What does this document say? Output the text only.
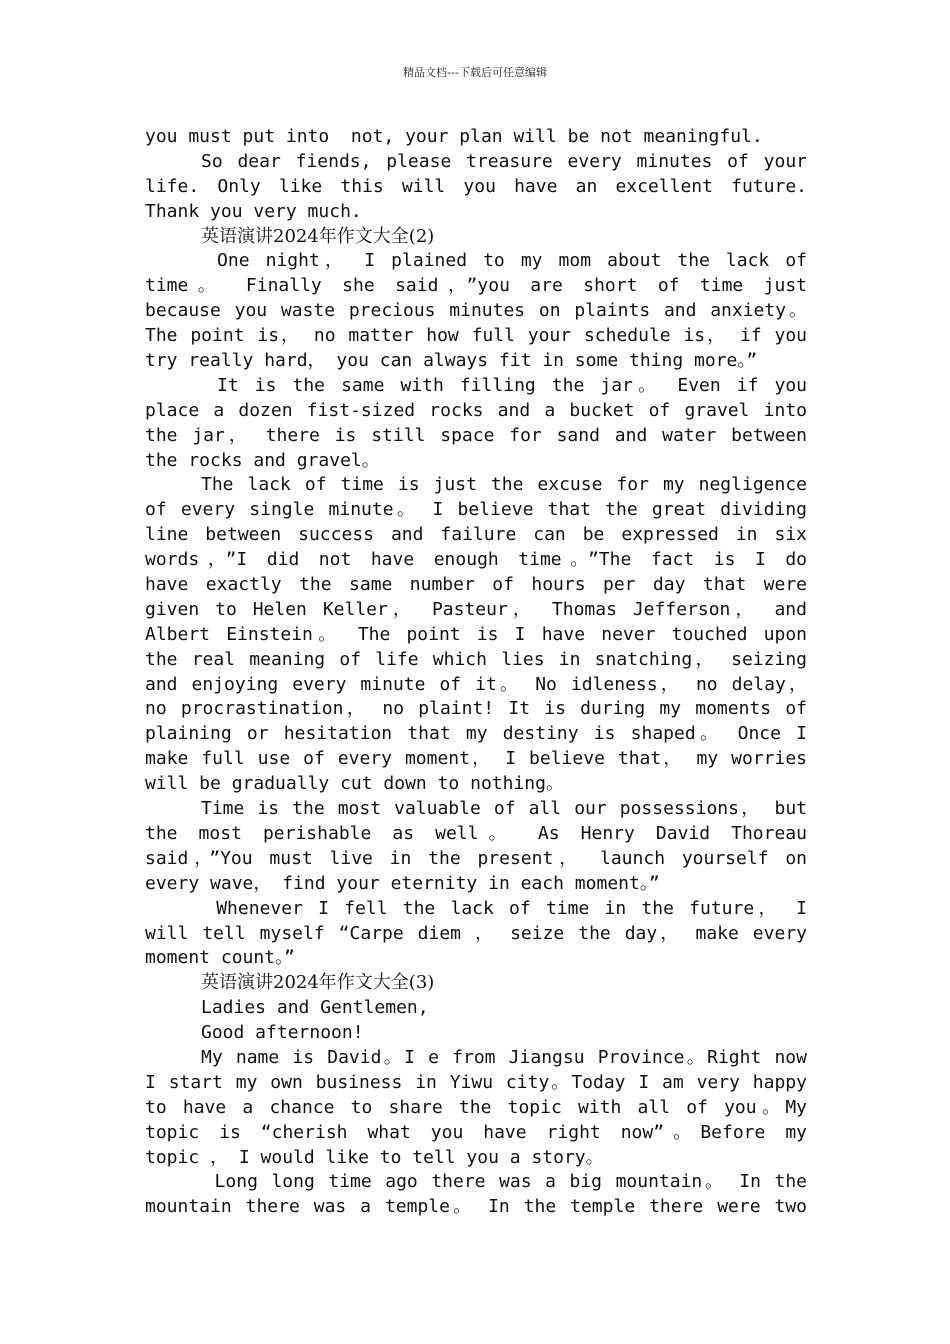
精品文档---下载后可任意编辑
you must put into  not, your plan will be not meaningful.
So dear fiends, please treasure every minutes of your
life. Only like this will you have an excellent future.
Thank you very much.
英语演讲2024年作文大全(2)
One night， I plained to my mom about the lack of
time。 Finally she said，”you are short of time just
because you waste precious minutes on plaints and anxiety。
The point is， no matter how full your schedule is， if you
try really hard， you can always fit in some thing more。”
It is the same with filling the jar。 Even if you
place a dozen fist-sized rocks and a bucket of gravel into
the jar， there is still space for sand and water between
the rocks and gravel。
The lack of time is just the excuse for my negligence
of every single minute。 I believe that the great dividing
line between success and failure can be expressed in six
words，”I did not have enough time。”The fact is I do
have exactly the same number of hours per day that were
given to Helen Keller， Pasteur， Thomas Jefferson， and
Albert Einstein。 The point is I have never touched upon
the real meaning of life which lies in snatching， seizing
and enjoying every minute of it。 No idleness， no delay，
no procrastination， no plaint! It is during my moments of
plaining or hesitation that my destiny is shaped。 Once I
make full use of every moment， I believe that， my worries
will be gradually cut down to nothing。
Time is the most valuable of all our possessions， but
the most perishable as well。 As Henry David Thoreau
said，”You must live in the present， launch yourself on
every wave， find your eternity in each moment。”
Whenever I fell the lack of time in the future， I
will tell myself “Carpe diem ， seize the day， make every
moment count。”
英语演讲2024年作文大全(3)
Ladies and Gentlemen,
Good afternoon!
My name is David。I e from Jiangsu Province。Right now
I start my own business in Yiwu city。Today I am very happy
to have a chance to share the topic with all of you。My
topic is “cherish what you have right now”。Before my
topic ， I would like to tell you a story。
Long long time ago there was a big mountain。 In the
mountain there was a temple。 In the temple there were two
